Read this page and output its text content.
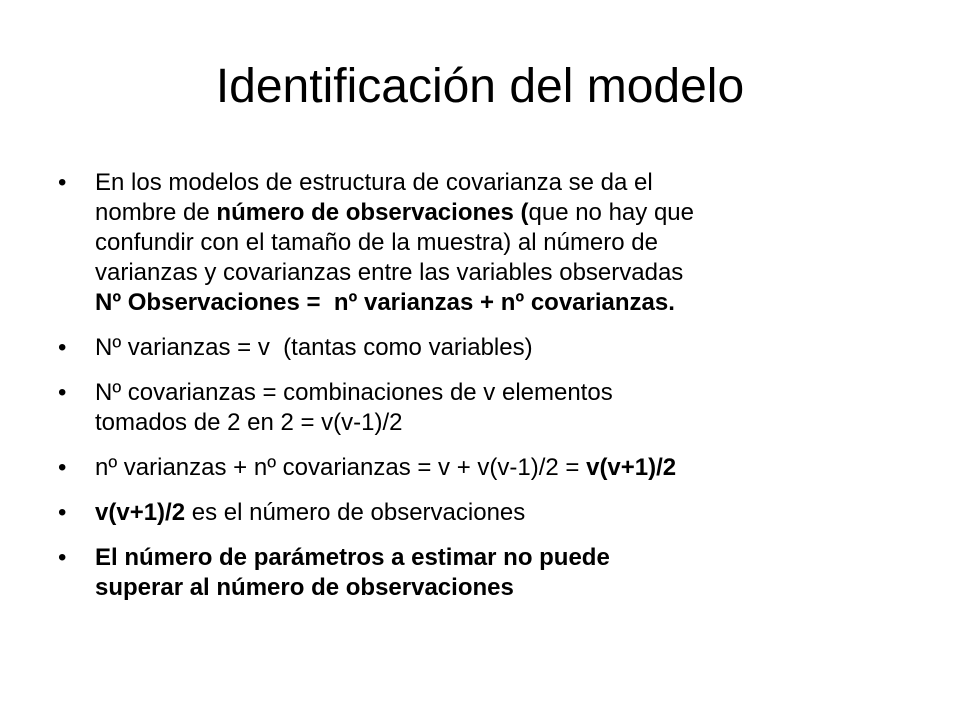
Identificación del modelo
•	En los modelos de estructura de covarianza se da el
nombre de número de observaciones (que no hay que
confundir con el tamaño de la muestra) al número de
varianzas y covarianzas entre las variables observadas
Nº Observaciones =  nº varianzas + nº covarianzas.
•	Nº varianzas = v  (tantas como variables)
•	Nº covarianzas = combinaciones de v elementos
tomados de 2 en 2 = v(v-1)/2
•	nº varianzas + nº covarianzas = v + v(v-1)/2 = v(v+1)/2
•	v(v+1)/2 es el número de observaciones
•	El número de parámetros a estimar no puede
superar al número de observaciones
